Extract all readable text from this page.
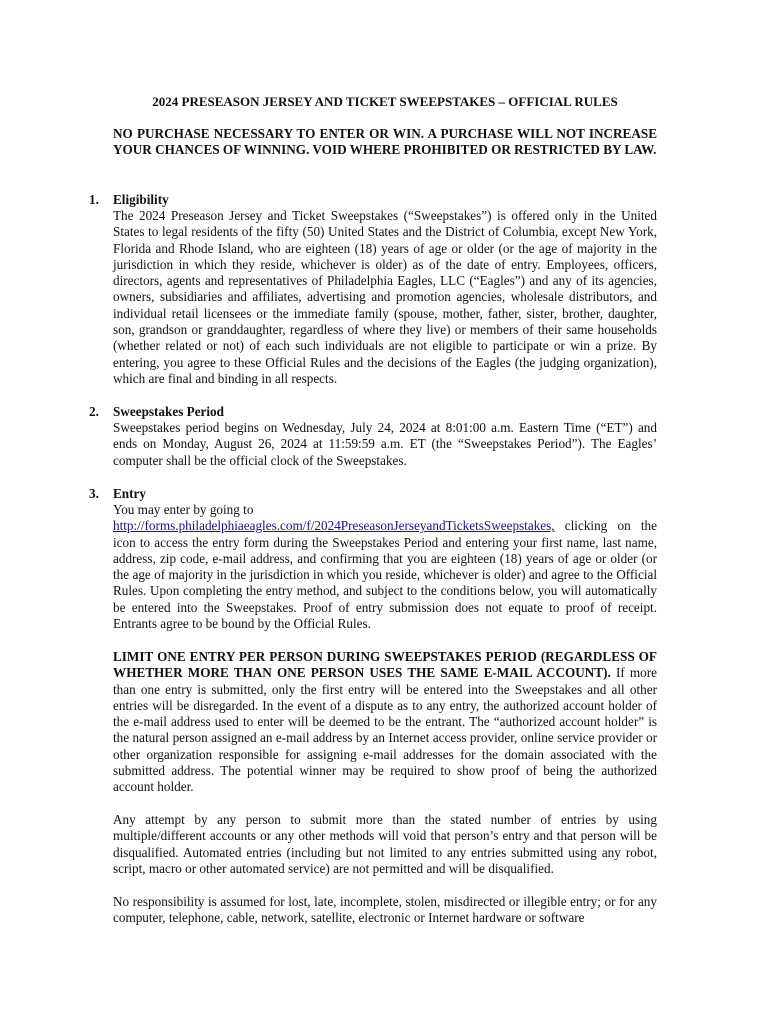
2024 PRESEASON JERSEY AND TICKET SWEEPSTAKES – OFFICIAL RULES
NO PURCHASE NECESSARY TO ENTER OR WIN. A PURCHASE WILL NOT INCREASE YOUR CHANCES OF WINNING. VOID WHERE PROHIBITED OR RESTRICTED BY LAW.
1. Eligibility
The 2024 Preseason Jersey and Ticket Sweepstakes (“Sweepstakes”) is offered only in the United States to legal residents of the fifty (50) United States and the District of Columbia, except New York, Florida and Rhode Island, who are eighteen (18) years of age or older (or the age of majority in the jurisdiction in which they reside, whichever is older) as of the date of entry. Employees, officers, directors, agents and representatives of Philadelphia Eagles, LLC (“Eagles”) and any of its agencies, owners, subsidiaries and affiliates, advertising and promotion agencies, wholesale distributors, and individual retail licensees or the immediate family (spouse, mother, father, sister, brother, daughter, son, grandson or granddaughter, regardless of where they live) or members of their same households (whether related or not) of each such individuals are not eligible to participate or win a prize. By entering, you agree to these Official Rules and the decisions of the Eagles (the judging organization), which are final and binding in all respects.
2. Sweepstakes Period
Sweepstakes period begins on Wednesday, July 24, 2024 at 8:01:00 a.m. Eastern Time (“ET”) and ends on Monday, August 26, 2024 at 11:59:59 a.m. ET (the “Sweepstakes Period”). The Eagles’ computer shall be the official clock of the Sweepstakes.
3. Entry
You may enter by going to
http://forms.philadelphiaeagles.com/f/2024PreseasonJerseyandTicketsSweepstakes, clicking on the icon to access the entry form during the Sweepstakes Period and entering your first name, last name, address, zip code, e-mail address, and confirming that you are eighteen (18) years of age or older (or the age of majority in the jurisdiction in which you reside, whichever is older) and agree to the Official Rules. Upon completing the entry method, and subject to the conditions below, you will automatically be entered into the Sweepstakes. Proof of entry submission does not equate to proof of receipt. Entrants agree to be bound by the Official Rules.
LIMIT ONE ENTRY PER PERSON DURING SWEEPSTAKES PERIOD (REGARDLESS OF WHETHER MORE THAN ONE PERSON USES THE SAME E-MAIL ACCOUNT). If more than one entry is submitted, only the first entry will be entered into the Sweepstakes and all other entries will be disregarded. In the event of a dispute as to any entry, the authorized account holder of the e-mail address used to enter will be deemed to be the entrant. The “authorized account holder” is the natural person assigned an e-mail address by an Internet access provider, online service provider or other organization responsible for assigning e-mail addresses for the domain associated with the submitted address. The potential winner may be required to show proof of being the authorized account holder.
Any attempt by any person to submit more than the stated number of entries by using multiple/different accounts or any other methods will void that person’s entry and that person will be disqualified. Automated entries (including but not limited to any entries submitted using any robot, script, macro or other automated service) are not permitted and will be disqualified.
No responsibility is assumed for lost, late, incomplete, stolen, misdirected or illegible entry; or for any computer, telephone, cable, network, satellite, electronic or Internet hardware or software
